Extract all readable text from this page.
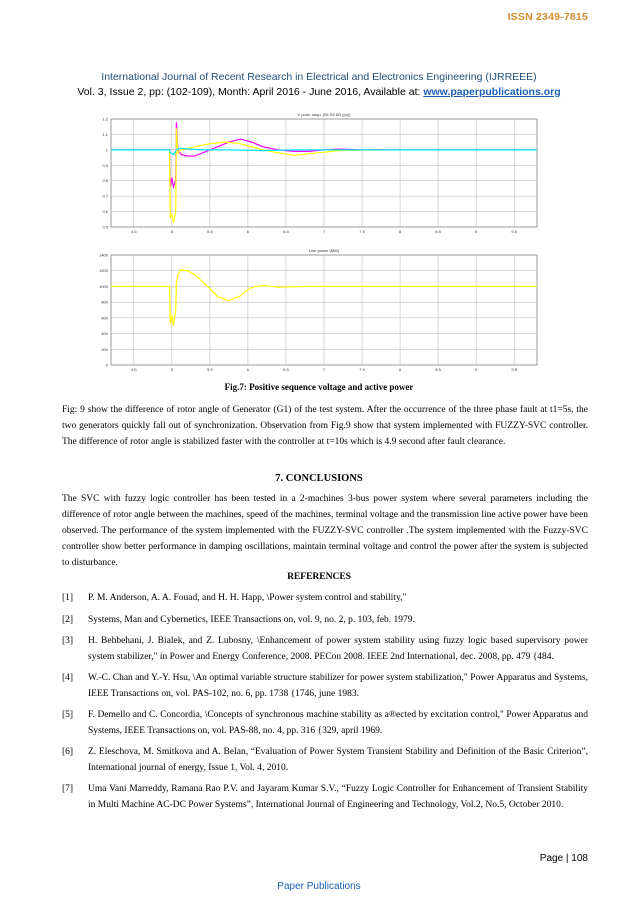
ISSN 2349-7815
International Journal of Recent Research in Electrical and Electronics Engineering (IJRREEE)
Vol. 3, Issue 2, pp: (102-109), Month: April 2016 - June 2016, Available at: www.paperpublications.org
4.5	5	5.5	6	6.5	7	7.5	8	8.5	9	9.5
1.2
1.1
1
0.9
0.8
0.7
0.6
0.5
V posit. sequ. (B1 B2 B3 (pu))
4.5	5	5.5	6	6.5	7	7.5	8	8.5	9	9.5
1400
1200
1000
800
600
400
200
0
Line power (MW)
Fig.7: Positive sequence voltage and active power
Fig: 9 show the difference of rotor angle of Generator (G1) of the test system. After the occurrence of the three phase fault at t1=5s, the two generators quickly fall out of synchronization. Observation from Fig.9 show that system implemented with FUZZY-SVC controller. The difference of rotor angle is stabilized faster with the controller at t=10s which is 4.9 second after fault clearance.
7. CONCLUSIONS
The SVC with fuzzy logic controller has been tested in a 2-machines 3-bus power system where several parameters including the difference of rotor angle between the machines, speed of the machines, terminal voltage and the transmission line active power have been observed. The performance of the system implemented with the FUZZY-SVC controller .The system implemented with the Fuzzy-SVC controller show better performance in damping oscillations, maintain terminal voltage and control the power after the system is subjected to disturbance.
REFERENCES
[1]	P. M. Anderson, A. A. Fouad, and H. H. Happ, \Power system control and stability,"
[2]	Systems, Man and Cybernetics, IEEE Transactions on, vol. 9, no. 2, p. 103, feb. 1979.
[3]	H. Behbehani, J. Bialek, and Z. Lubosny, \Enhancement of power system stability using fuzzy logic based supervisory power system stabilizer," in Power and Energy Conference, 2008. PECon 2008. IEEE 2nd International, dec. 2008, pp. 479 {484.
[4]	W.-C. Chan and Y.-Y. Hsu, \An optimal variable structure stabilizer for power system stabilization," Power Apparatus and Systems, IEEE Transactions on, vol. PAS-102, no. 6, pp. 1738 {1746, june 1983.
[5]	F. Demello and C. Concordia, \Concepts of synchronous machine stability as a®ected by excitation control," Power Apparatus and Systems, IEEE Transactions on, vol. PAS-88, no. 4, pp. 316 {329, april 1969.
[6]	Z. Eleschova, M. Smitkova and A. Belan, “Evaluation of Power System Transient Stability and Definition of the Basic Criterion”, International journal of energy, Issue 1, Vol. 4, 2010.
[7]	Uma Vani Marreddy, Ramana Rao P.V. and Jayaram Kumar S.V., “Fuzzy Logic Controller for Enhancement of Transient Stability in Multi Machine AC-DC Power Systems”, International Journal of Engineering and Technology, Vol.2, No.5, October 2010.
Page | 108
Paper Publications
